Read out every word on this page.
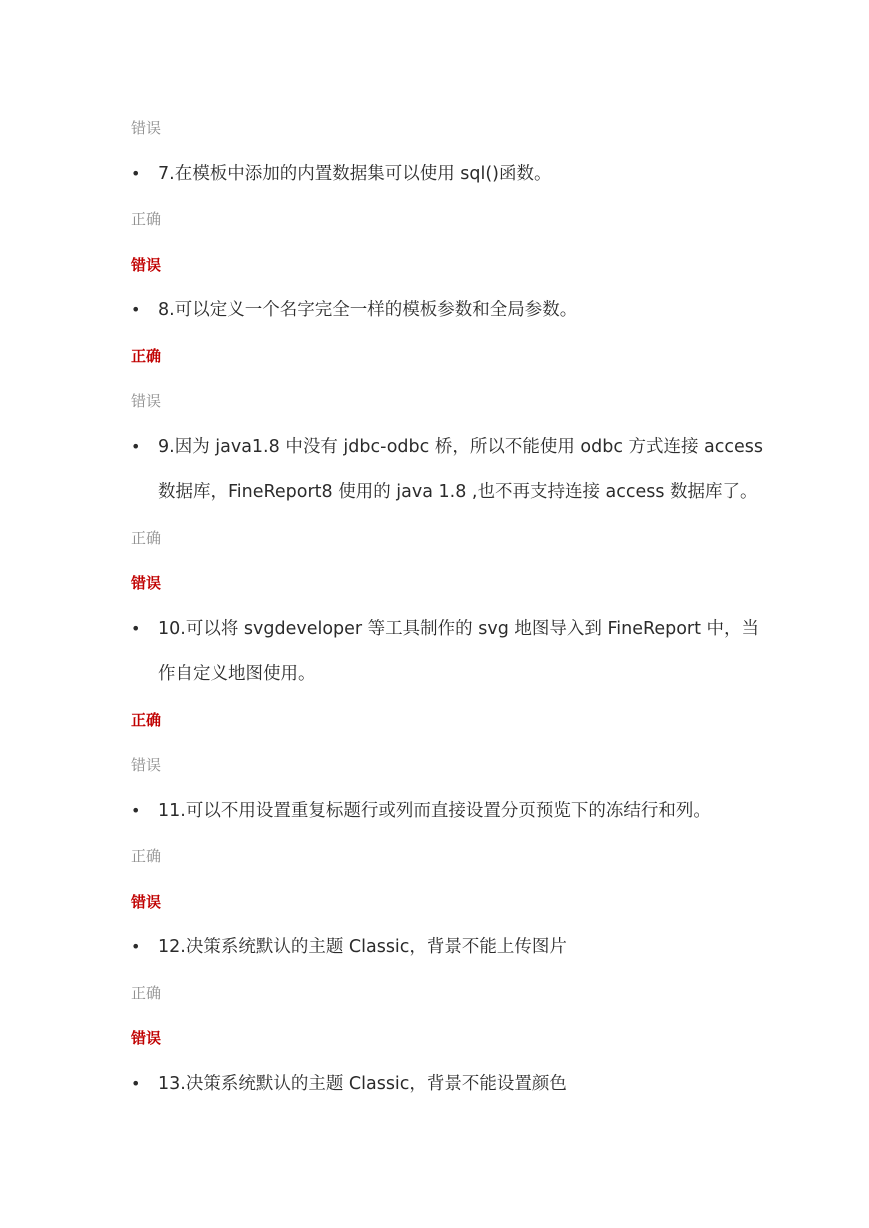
错误
•	7.在模板中添加的内置数据集可以使用 sql()函数。
正确
错误
•	8.可以定义一个名字完全一样的模板参数和全局参数。
正确
错误
•	9.因为 java1.8 中没有 jdbc-odbc 桥，所以不能使用 odbc 方式连接 access
数据库，FineReport8 使用的 java 1.8 ,也不再支持连接 access 数据库了。
正确
错误
•	10.可以将 svgdeveloper 等工具制作的 svg 地图导入到 FineReport 中，当
作自定义地图使用。
正确
错误
•	11.可以不用设置重复标题行或列而直接设置分页预览下的冻结行和列。
正确
错误
•	12.决策系统默认的主题 Classic，背景不能上传图片
正确
错误
•	13.决策系统默认的主题 Classic，背景不能设置颜色
